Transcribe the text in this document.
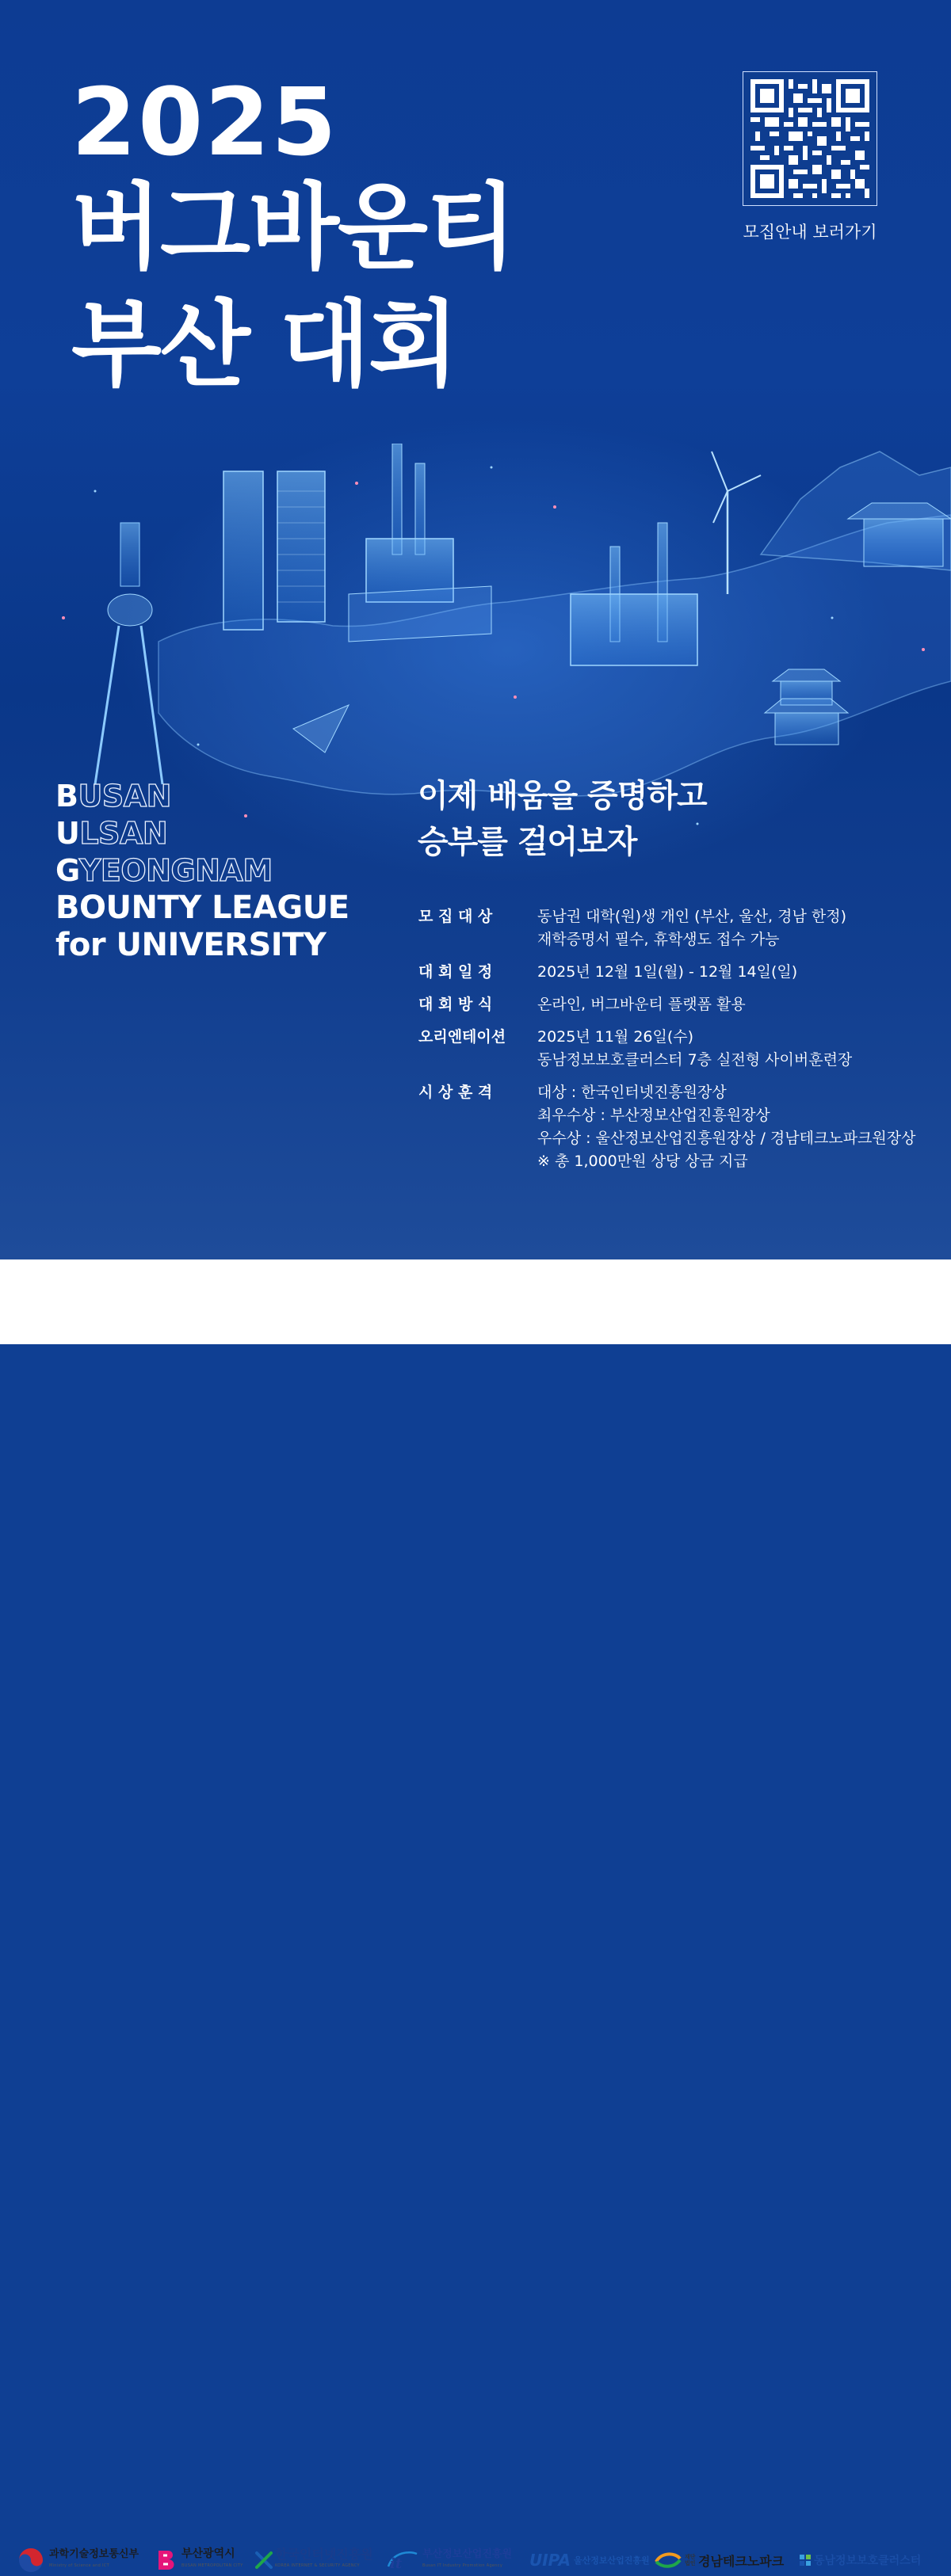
2025
버그바운티
부산 대회
모집안내 보러가기
BUSAN
ULSAN
GYEONGNAM
BOUNTY LEAGUE
for UNIVERSITY
이제 배움을 증명하고
승부를 걸어보자
모 집 대 상	동남권 대학(원)생 개인 (부산, 울산, 경남 한정)
재학증명서 필수, 휴학생도 접수 가능
대 회 일 정	2025년 12월 1일(월) - 12월 14일(일)
대 회 방 식	온라인, 버그바운티 플랫폼 활용
오리엔테이션	2025년 11월 26일(수)
동남정보보호클러스터 7층 실전형 사이버훈련장
시 상 훈 격	대상 : 한국인터넷진흥원장상
최우수상 : 부산정보산업진흥원장상
우수상 : 울산정보산업진흥원장상 / 경남테크노파크원장상
※ 총 1,000만원 상당 상금 지급
과학기술정보통신부
Ministry of Science and ICT
부산광역시
BUSAN METROPOLITAN CITY
한국인터넷진흥원
KOREA INTERNET & SECURITY AGENCY	it
부산정보산업진흥원
Busan IT Industry Promotion Agency	UIPA 울산정보산업진흥원	재단법인 경남테크노파크	동남정보보호클러스터
